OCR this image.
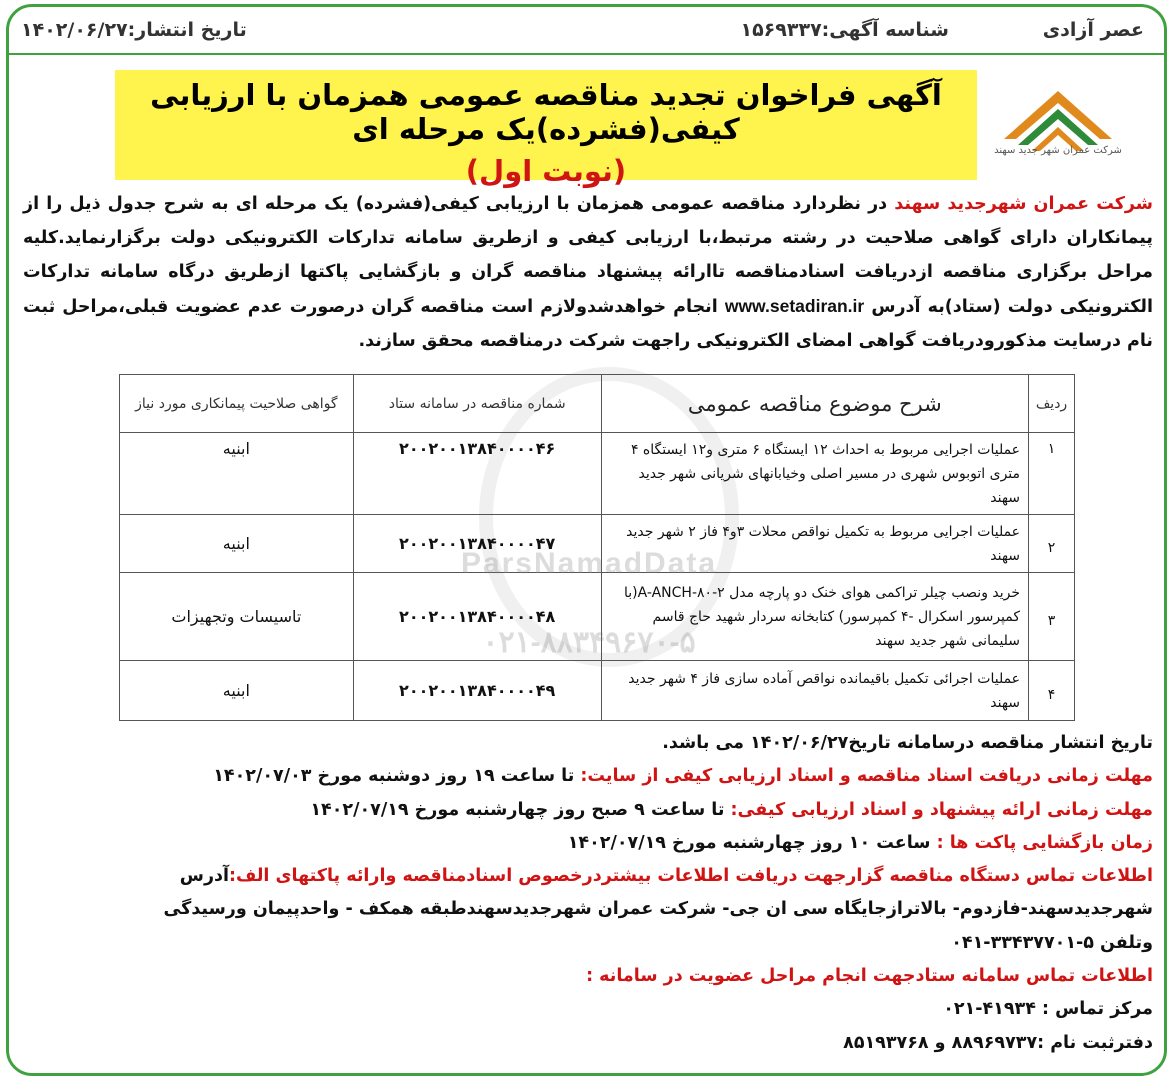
عصر آزادی
شناسه آگهی:۱۵۶۹۳۳۷
تاریخ انتشار:۱۴۰۲/۰۶/۲۷
آگهی فراخوان تجدید مناقصه عمومی همزمان با ارزیابی کیفی(فشرده)یک مرحله ای
(نوبت اول)
شرکت عمران شهر جدید سهند
شرکت عمران شهرجدید سهند در نظردارد مناقصه عمومی همزمان با ارزیابی کیفی(فشرده) یک مرحله ای به شرح جدول ذیل را از پیمانکاران دارای گواهی صلاحیت در رشته مرتبط،با ارزیابی کیفی و ازطریق سامانه تدارکات الکترونیکی دولت برگزارنماید.کلیه مراحل برگزاری مناقصه ازدریافت اسنادمناقصه تاارائه پیشنهاد مناقصه گران و بازگشایی پاکتها ازطریق درگاه سامانه تدارکات الکترونیکی دولت (ستاد)به آدرس www.setadiran.ir انجام خواهدشدولازم است مناقصه گران درصورت عدم عضویت قبلی،مراحل ثبت نام درسایت مذکورودریافت گواهی امضای الکترونیکی راجهت شرکت درمناقصه محقق سازند.
ردیف	شرح موضوع مناقصه عمومی	شماره مناقصه در سامانه ستاد	گواهی صلاحیت پیمانکاری مورد نیاز
۱	عملیات اجرایی مربوط به احداث ۱۲ ایستگاه ۶ متری و۱۲ ایستگاه ۴ متری اتوبوس شهری در مسیر اصلی وخیابانهای شریانی شهر جدید سهند	۲۰۰۲۰۰۱۳۸۴۰۰۰۰۴۶	ابنیه
۲	عملیات اجرایی مربوط به تکمیل نواقص محلات ۳و۴ فاز ۲ شهر جدید سهند	۲۰۰۲۰۰۱۳۸۴۰۰۰۰۴۷	ابنیه
۳	خرید ونصب چیلر تراکمی هوای خنک دو پارچه مدل ۲-A-ANCH-۸۰(با کمپرسور اسکرال -۴ کمپرسور) کتابخانه سردار شهید حاج قاسم سلیمانی شهر جدید سهند	۲۰۰۲۰۰۱۳۸۴۰۰۰۰۴۸	تاسیسات وتجهیزات
۴	عملیات اجرائی تکمیل باقیمانده نواقص آماده سازی فاز ۴ شهر جدید سهند	۲۰۰۲۰۰۱۳۸۴۰۰۰۰۴۹	ابنیه
ParsNamadData
۰۲۱-۸۸۳۴۹۶۷۰-۵
تاریخ انتشار مناقصه درسامانه تاریخ۱۴۰۲/۰۶/۲۷ می باشد.
مهلت زمانی دریافت اسناد مناقصه و اسناد ارزیابی کیفی از سایت: تا ساعت ۱۹ روز دوشنبه مورخ ۱۴۰۲/۰۷/۰۳
مهلت زمانی ارائه پیشنهاد و اسناد ارزیابی کیفی: تا ساعت ۹ صبح روز چهارشنبه مورخ ۱۴۰۲/۰۷/۱۹
زمان بازگشایی پاکت ها : ساعت ۱۰ روز چهارشنبه مورخ ۱۴۰۲/۰۷/۱۹
اطلاعات تماس دستگاه مناقصه گزارجهت دریافت اطلاعات بیشتردرخصوص اسنادمناقصه وارائه پاکتهای الف:آدرس
شهرجدیدسهند-فازدوم- بالاترازجایگاه سی ان جی- شرکت عمران شهرجدیدسهندطبقه همکف - واحدپیمان ورسیدگی
وتلفن ۵-۳۳۴۳۷۷۰۱-۰۴۱
اطلاعات تماس سامانه ستادجهت انجام مراحل عضویت در سامانه :
مرکز تماس : ۴۱۹۳۴-۰۲۱
دفترثبت نام :۸۸۹۶۹۷۳۷ و ۸۵۱۹۳۷۶۸
